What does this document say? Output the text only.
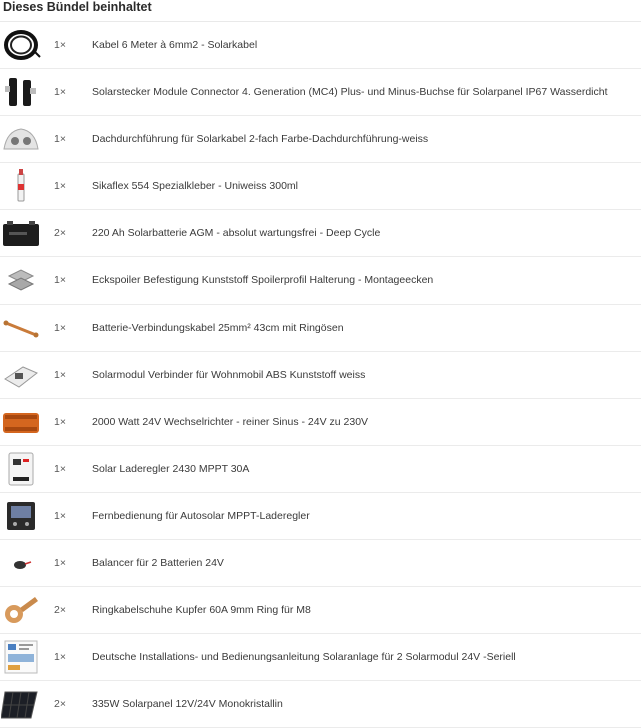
Dieses Bündel beinhaltet
1× Kabel 6 Meter à 6mm2 - Solarkabel
1× Solarstecker Module Connector 4. Generation (MC4) Plus- und Minus-Buchse für Solarpanel IP67 Wasserdicht
1× Dachdurchführung für Solarkabel 2-fach Farbe-Dachdurchführung-weiss
1× Sikaflex 554 Spezialkleber - Uniweiss 300ml
2× 220 Ah Solarbatterie AGM - absolut wartungsfrei - Deep Cycle
1× Eckspoiler Befestigung Kunststoff Spoilerprofil Halterung - Montageecken
1× Batterie-Verbindungskabel 25mm² 43cm mit Ringösen
1× Solarmodul Verbinder für Wohnmobil ABS Kunststoff weiss
1× 2000 Watt 24V Wechselrichter - reiner Sinus - 24V zu 230V
1× Solar Laderegler 2430 MPPT 30A
1× Fernbedienung für Autosolar MPPT-Laderegler
1× Balancer für 2 Batterien 24V
2× Ringkabelschuhe Kupfer 60A 9mm Ring für M8
1× Deutsche Installations- und Bedienungsanleitung Solaranlage für 2 Solarmodul 24V -Seriell
2× 335W Solarpanel 12V/24V Monokristallin
